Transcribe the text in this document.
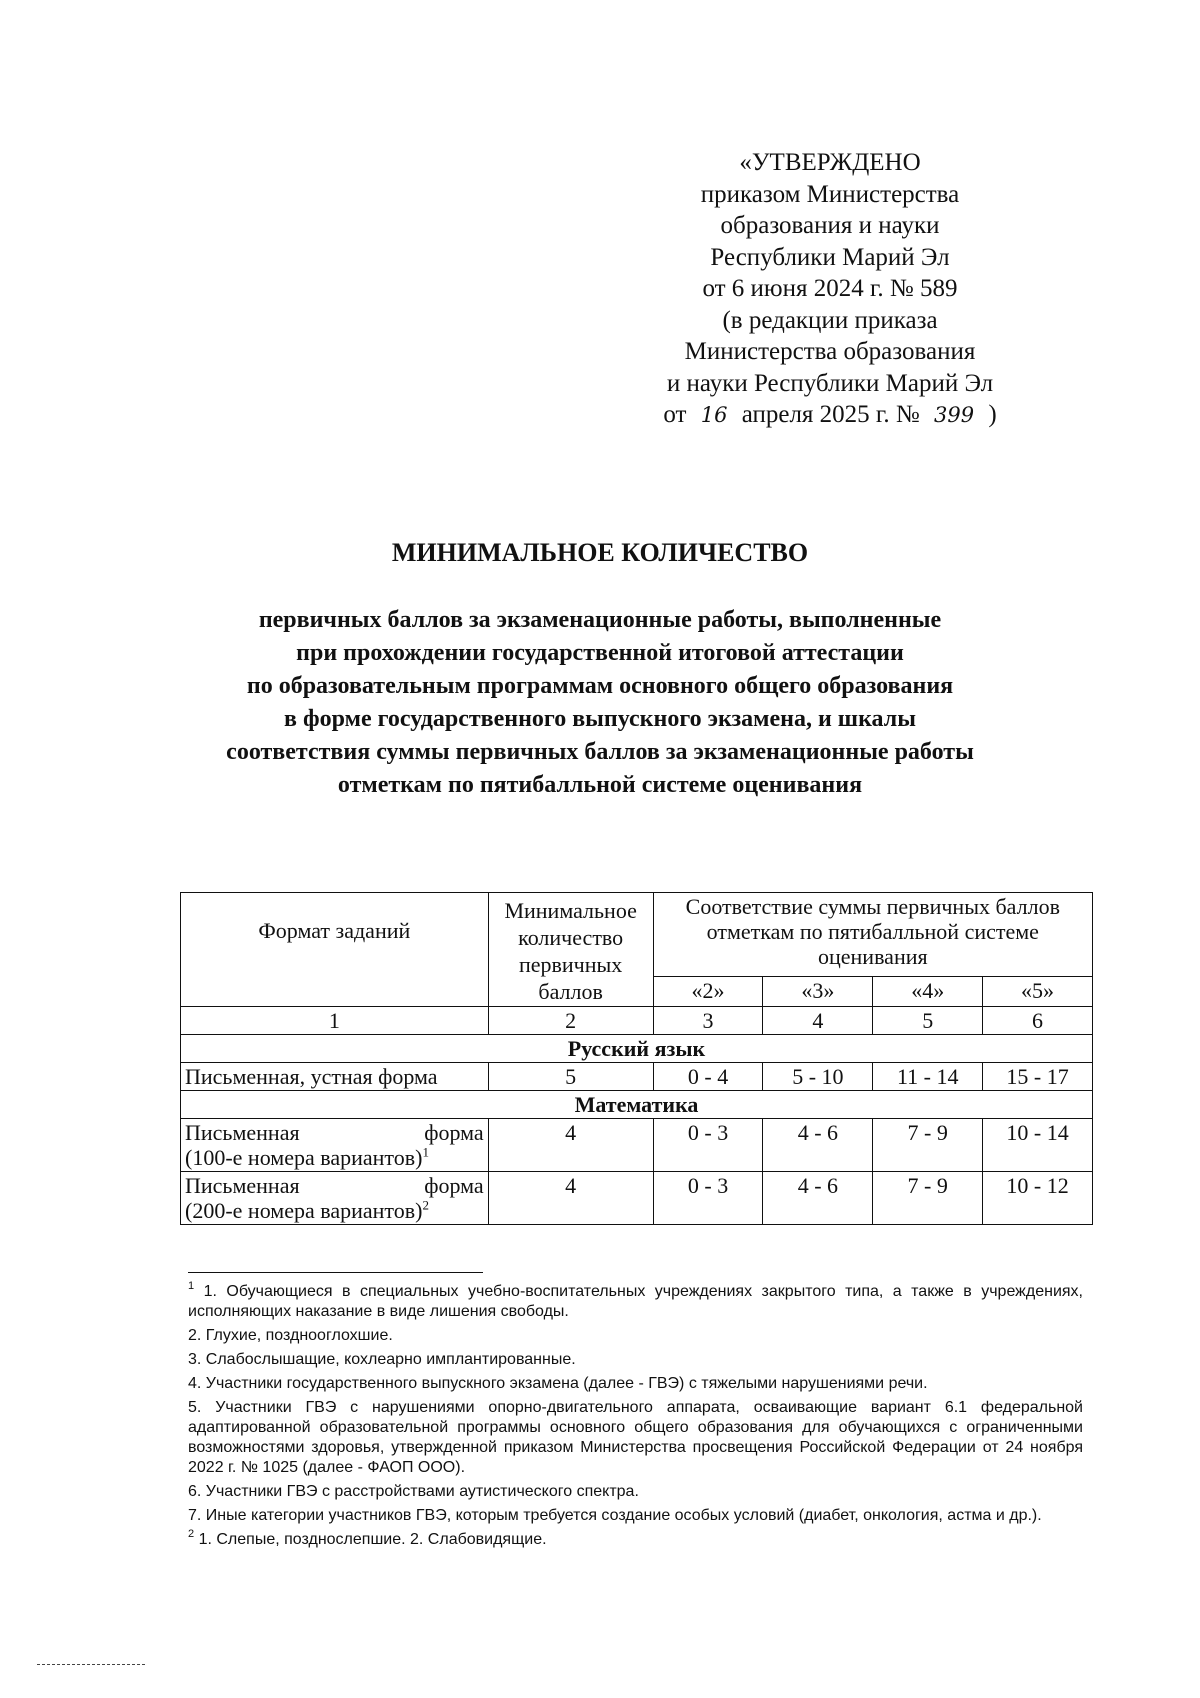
«УТВЕРЖДЕНО
приказом Министерства
образования и науки
Республики Марий Эл
от 6 июня 2024 г. № 589
(в редакции приказа
Министерства образования
и науки Республики Марий Эл
от 16 апреля 2025 г. № 399 )
МИНИМАЛЬНОЕ КОЛИЧЕСТВО
первичных баллов за экзаменационные работы, выполненные
при прохождении государственной итоговой аттестации
по образовательным программам основного общего образования
в форме государственного выпускного экзамена, и шкалы
соответствия суммы первичных баллов за экзаменационные работы
отметкам по пятибалльной системе оценивания
Формат заданий	Минимальное количество первичных баллов	Соответствие суммы первичных баллов отметкам по пятибалльной системе оценивания			
		«2»	«3»	«4»	«5»
1	2	3	4	5	6
Русский язык					
Письменная, устная форма	5	0 - 4	5 - 10	11 - 14	15 - 17
Математика					

Письменная форма
(100-е номера вариантов)$^1$	4	0 - 3	4 - 6	7 - 9	10 - 14

Письменная форма
(200-е номера вариантов)$^2$	4	0 - 3	4 - 6	7 - 9	10 - 12

$^1$ 1. Обучающиеся в специальных учебно-воспитательных учреждениях закрытого типа, а также в учреждениях, исполняющих наказание в виде лишения свободы.

2. Глухие, позднооглохшие.

3. Слабослышащие, кохлеарно имплантированные.

4. Участники государственного выпускного экзамена (далее - ГВЭ) с тяжелыми нарушениями речи.

5. Участники ГВЭ с нарушениями опорно-двигательного аппарата, осваивающие вариант 6.1 федеральной адаптированной образовательной программы основного общего образования для обучающихся с ограниченными возможностями здоровья, утвержденной приказом Министерства просвещения Российской Федерации от 24 ноября 2022 г. № 1025 (далее - ФАОП ООО).

6. Участники ГВЭ с расстройствами аутистического спектра.

7. Иные категории участников ГВЭ, которым требуется создание особых условий (диабет, онкология, астма и др.).

$^2$ 1. Слепые, позднослепшие. 2. Слабовидящие.
